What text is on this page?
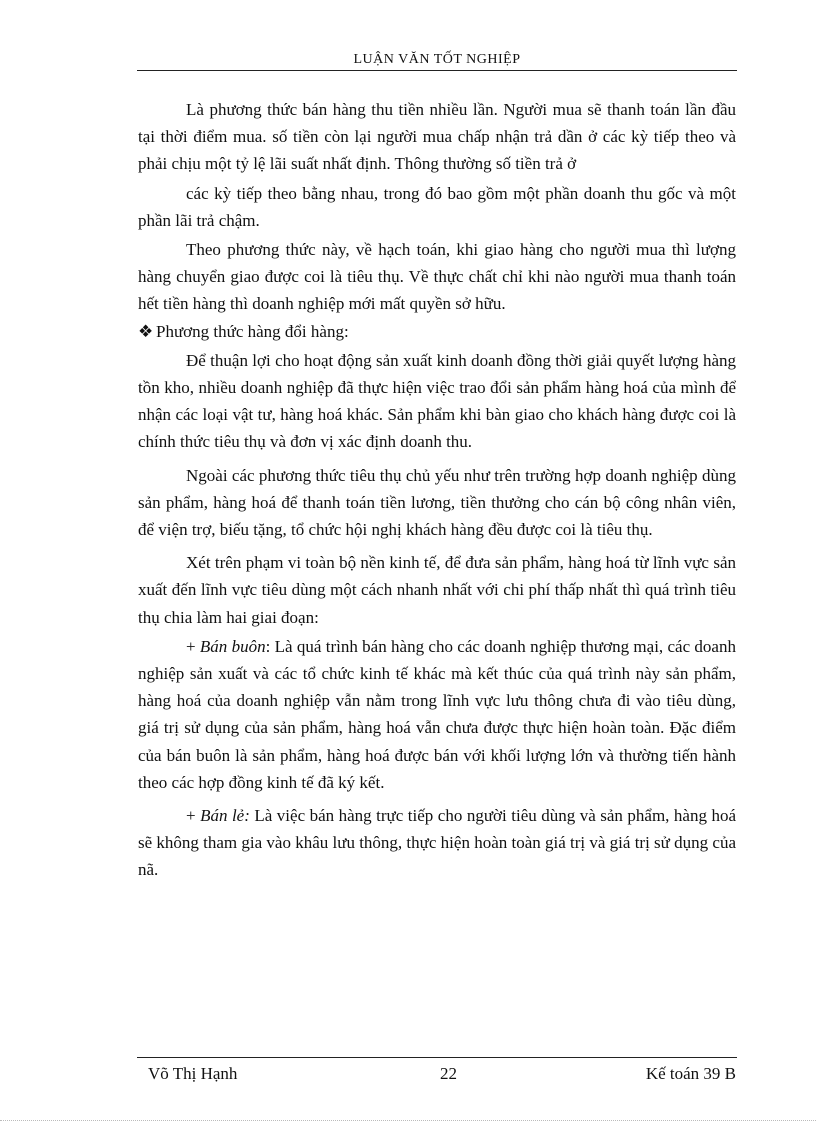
LUẬN VĂN TỐT NGHIỆP

Là phương thức bán hàng thu tiền nhiều lần. Người mua sẽ thanh toán lần đầu tại thời điểm mua. số tiền còn lại người mua chấp nhận trả dần ở các kỳ tiếp theo và phải chịu một tỷ lệ lãi suất nhất định. Thông thường số tiền trả ở

các kỳ tiếp theo bằng nhau, trong đó bao gồm một phần doanh thu gốc và một phần lãi trả chậm.

Theo phương thức này, về hạch toán, khi giao hàng cho người mua thì lượng hàng chuyển giao được coi là tiêu thụ. Về thực chất chỉ khi nào người mua thanh toán hết tiền hàng thì doanh nghiệp mới mất quyền sở hữu.

❖ Phương thức hàng đổi hàng:

Để thuận lợi cho hoạt động sản xuất kinh doanh đồng thời giải quyết lượng hàng tồn kho, nhiều doanh nghiệp đã thực hiện việc trao đổi sản phẩm hàng hoá của mình để nhận các loại vật tư, hàng hoá khác. Sản phẩm khi bàn giao cho khách hàng được coi là chính thức tiêu thụ và đơn vị xác định doanh thu.

Ngoài các phương thức tiêu thụ chủ yếu như trên trường hợp doanh nghiệp dùng sản phẩm, hàng hoá để thanh toán tiền lương, tiền thưởng cho cán bộ công nhân viên, để viện trợ, biếu tặng, tổ chức hội nghị khách hàng đều được coi là tiêu thụ.

Xét trên phạm vi toàn bộ nền kinh tế, để đưa sản phẩm, hàng hoá từ lĩnh vực sản xuất đến lĩnh vực tiêu dùng một cách nhanh nhất với chi phí thấp nhất thì quá trình tiêu thụ chia làm hai giai đoạn:

+ Bán buôn: Là quá trình bán hàng cho các doanh nghiệp thương mại, các doanh nghiệp sản xuất và các tổ chức kinh tế khác mà kết thúc của quá trình này sản phẩm, hàng hoá của doanh nghiệp vẫn nằm trong lĩnh vực lưu thông chưa đi vào tiêu dùng, giá trị sử dụng của sản phẩm, hàng hoá vẫn chưa được thực hiện hoàn toàn. Đặc điểm của bán buôn là sản phẩm, hàng hoá được bán với khối lượng lớn và thường tiến hành theo các hợp đồng kinh tế đã ký kết.

+ Bán lẻ: Là việc bán hàng trực tiếp cho người tiêu dùng và sản phẩm, hàng hoá sẽ không tham gia vào khâu lưu thông, thực hiện hoàn toàn giá trị và giá trị sử dụng của nã.

Võ Thị Hạnh	22	Kế toán 39 B
